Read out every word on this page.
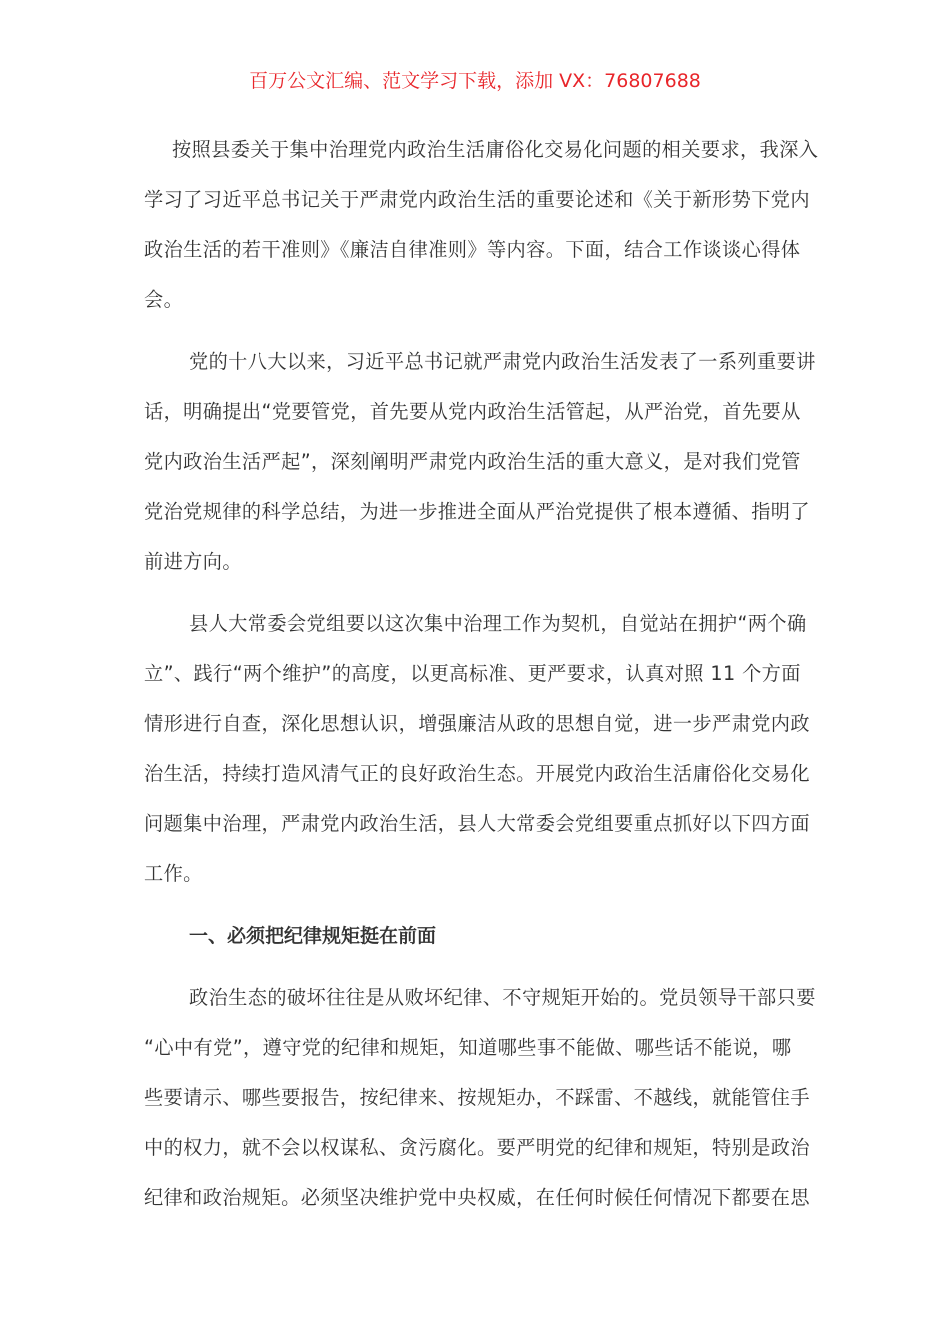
百万公文汇编、范文学习下载，添加 VX：76807688
按照县委关于集中治理党内政治生活庸俗化交易化问题的相关要求，我深入
学习了习近平总书记关于严肃党内政治生活的重要论述和《关于新形势下党内
政治生活的若干准则》《廉洁自律准则》等内容。下面，结合工作谈谈心得体
会。
党的十八大以来，习近平总书记就严肃党内政治生活发表了一系列重要讲
话，明确提出“党要管党，首先要从党内政治生活管起，从严治党，首先要从
党内政治生活严起”，深刻阐明严肃党内政治生活的重大意义，是对我们党管
党治党规律的科学总结，为进一步推进全面从严治党提供了根本遵循、指明了
前进方向。
县人大常委会党组要以这次集中治理工作为契机，自觉站在拥护“两个确
立”、践行“两个维护”的高度，以更高标准、更严要求，认真对照 11 个方面
情形进行自查，深化思想认识，增强廉洁从政的思想自觉，进一步严肃党内政
治生活，持续打造风清气正的良好政治生态。开展党内政治生活庸俗化交易化
问题集中治理，严肃党内政治生活，县人大常委会党组要重点抓好以下四方面
工作。
一、必须把纪律规矩挺在前面
政治生态的破坏往往是从败坏纪律、不守规矩开始的。党员领导干部只要
“心中有党”，遵守党的纪律和规矩，知道哪些事不能做、哪些话不能说，哪
些要请示、哪些要报告，按纪律来、按规矩办，不踩雷、不越线，就能管住手
中的权力，就不会以权谋私、贪污腐化。要严明党的纪律和规矩，特别是政治
纪律和政治规矩。必须坚决维护党中央权威，在任何时候任何情况下都要在思
